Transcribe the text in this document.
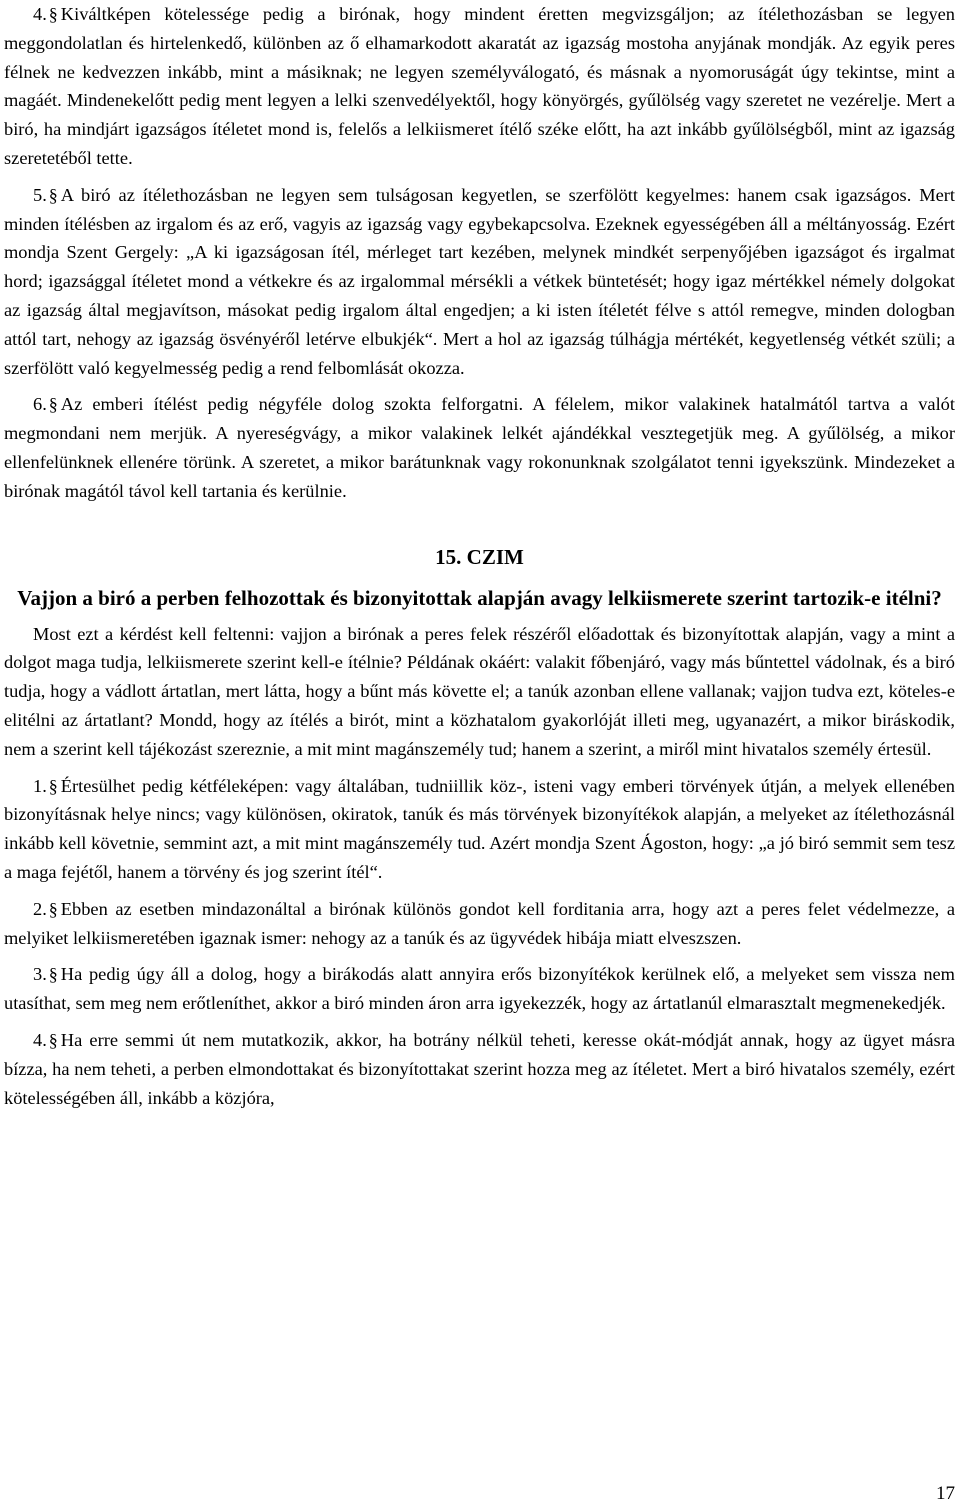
4. § Kiváltképen kötelessége pedig a birónak, hogy mindent éretten megvizsgáljon; az ítélethozásban se legyen meggondolatlan és hirtelenkedő, különben az ő elhamarkodott akaratát az igazság mostoha anyjának mondják. Az egyik peres félnek ne kedvezzen inkább, mint a másiknak; ne legyen személyválogató, és másnak a nyomoruságát úgy tekintse, mint a magáét. Mindenekelőtt pedig ment legyen a lelki szenvedélyektől, hogy könyörgés, gyűlölség vagy szeretet ne vezérelje. Mert a biró, ha mindjárt igazságos ítéletet mond is, felelős a lelkiismeret ítélő széke előtt, ha azt inkább gyűlölségből, mint az igazság szeretetéből tette.

5. § A biró az ítélethozásban ne legyen sem tulságosan kegyetlen, se szerfölött kegyelmes: hanem csak igazságos. Mert minden ítélésben az irgalom és az erő, vagyis az igazság vagy egybekapcsolva. Ezeknek egyességében áll a méltányosság. Ezért mondja Szent Gergely: „A ki igazságosan ítél, mérleget tart kezében, melynek mindkét serpenyőjében igazságot és irgalmat hord; igazsággal ítéletet mond a vétkekre és az irgalommal mérsékli a vétkek büntetését; hogy igaz mértékkel némely dolgokat az igazság által megjavítson, másokat pedig irgalom által engedjen; a ki isten ítéletét félve s attól remegve, minden dologban attól tart, nehogy az igazság ösvényéről letérve elbukjék“. Mert a hol az igazság túlhágja mértékét, kegyetlenség vétkét szüli; a szerfölött való kegyelmesség pedig a rend felbomlását okozza.

6. § Az emberi ítélést pedig négyféle dolog szokta felforgatni. A félelem, mikor valakinek hatalmától tartva a valót megmondani nem merjük. A nyereségvágy, a mikor valakinek lelkét ajándékkal vesztegetjük meg. A gyűlölség, a mikor ellenfelünknek ellenére törünk. A szeretet, a mikor barátunknak vagy rokonunknak szolgálatot tenni igyekszünk. Mindezeket a birónak magától távol kell tartania és kerülnie.

15. CZIM

Vajjon a biró a perben felhozottak és bizonyitottak alapján avagy lelkiismerete szerint tartozik-e itélni?

Most ezt a kérdést kell feltenni: vajjon a birónak a peres felek részéről előadottak és bizonyítottak alapján, vagy a mint a dolgot maga tudja, lelkiismerete szerint kell-e ítélnie? Példának okáért: valakit főbenjáró, vagy más bűntettel vádolnak, és a biró tudja, hogy a vádlott ártatlan, mert látta, hogy a bűnt más követte el; a tanúk azonban ellene vallanak; vajjon tudva ezt, köteles-e elitélni az ártatlant? Mondd, hogy az ítélés a birót, mint a közhatalom gyakorlóját illeti meg, ugyanazért, a mikor biráskodik, nem a szerint kell tájékozást szereznie, a mit mint magánszemély tud; hanem a szerint, a miről mint hivatalos személy értesül.

1. § Értesülhet pedig kétféleképen: vagy általában, tudniillik köz-, isteni vagy emberi törvények útján, a melyek ellenében bizonyításnak helye nincs; vagy különösen, okiratok, tanúk és más törvények bizonyítékok alapján, a melyeket az ítélethozásnál inkább kell követnie, semmint azt, a mit mint magánszemély tud. Azért mondja Szent Ágoston, hogy: „a jó biró semmit sem tesz a maga fejétől, hanem a törvény és jog szerint ítél“.

2. § Ebben az esetben mindazonáltal a birónak különös gondot kell forditania arra, hogy azt a peres felet védelmezze, a melyiket lelkiismeretében igaznak ismer: nehogy az a tanúk és az ügyvédek hibája miatt elveszszen.

3. § Ha pedig úgy áll a dolog, hogy a birákodás alatt annyira erős bizonyítékok kerülnek elő, a melyeket sem vissza nem utasíthat, sem meg nem erőtleníthet, akkor a biró minden áron arra igyekezzék, hogy az ártatlanúl elmarasztalt megmenekedjék.

4. § Ha erre semmi út nem mutatkozik, akkor, ha botrány nélkül teheti, keresse okát-módját annak, hogy az ügyet másra bízza, ha nem teheti, a perben elmondottakat és bizonyítottakat szerint hozza meg az ítéletet. Mert a biró hivatalos személy, ezért kötelességében áll, inkább a közjóra,

17
